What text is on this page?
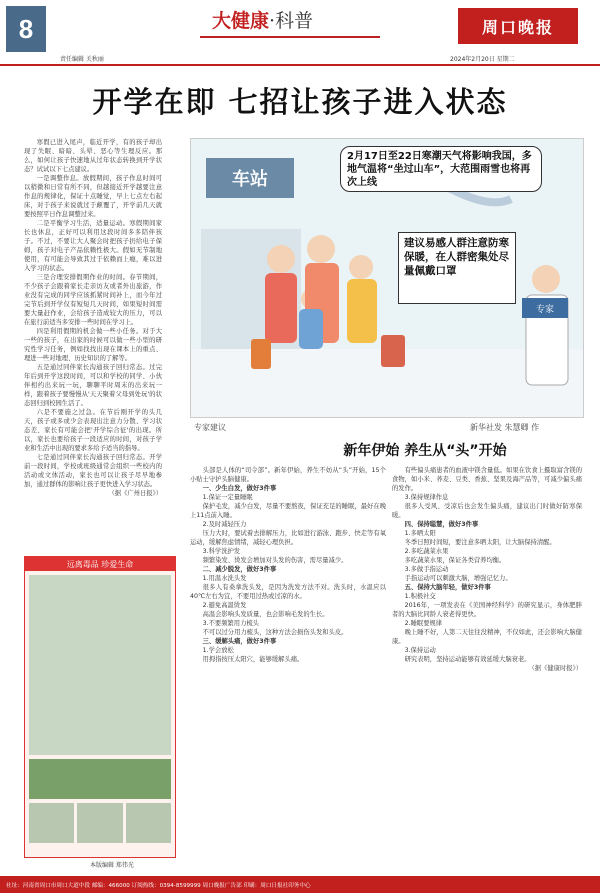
8
责任编辑 关秋丽
大健康·科普	周口晚报
2024年2月20日 星期二
开学在即 七招让孩子进入状态

寒假已进入尾声，临近开学，有的孩子却出现了失眠、暗暗、头晕、恶心等生理反应。那么，如何让孩子快速地从过年状态转换到开学状态？试试以下七点建议。

一是调整作息。放假期间，孩子作息时间可以稍微和日常有所不同，但越接近开学越要注意作息的规律化，保证十点睡觉，早上七点左右起床，对于孩子来说就过于颠覆了，开学前几天就要按照平日作息调整过来。

二是平衡学习生活，适量运动。寒假期间家长也休息，正好可以利用这段时间多多陪伴孩子。不过，不要让大人聚会时把孩子扔给电子保姆，孩子对电子产品依赖性极大。假如无节制地使用，有可能会导致其过于依赖而上瘾，难以进入学习的状态。

三是合理安排假期作业的时间。春节期间，不少孩子会跟着家长走亲访友或者外出旅游，作业没有完成的同学应该抓紧时间补上，而今年过完节后到开学仅有短短几天时间，如果短时间需要大量赶作业，会给孩子造成较大的压力，可以在旅行前适当多安排一些时间在学习上。

四是利用假期的机会做一些小任务。对于大一些的孩子，在出家的时候可以做一些小型的研究性学习任务，例如找找出现在课本上的重点、理进一些对地理、历史知识的了解等。

五是通过同伴家长沟通孩子回归常态。过完年后到开学这段时间，可以和学校的同学、小伙伴相约出来玩一玩，聊聊平时周末的出来玩一样，跟着孩子要慢慢从'天天聚着父母到处玩'的状态回归到校园生活了。

六是不要施之过急。在节后刚开学的头几天，孩子或多或少会表现出注意力分散、学习状态差、家长有可能会把'开学综合征'的出现。所以，家长也要给孩子一段适应的时间，对孩子学业和生活中出现的要求多给予适当的指导。

七是通过同伴家长沟通孩子回归常态。开学前一段时间，学校或班级通常会组织一些校内的活动或文体活动，家长也可以让孩子尽早地参加，通过群体的影响让孩子更快进入学习状态。

（据《广州日报》）

车站
2月17日至22日寒潮天气将影响我国，多地气温将“坐过山车”，大范围雨雪也将再次上线
建议易感人群注意防寒保暖，在人群密集处尽量佩戴口罩
专家
专家建议	新华社发 朱慧卿 作
新年伊始 养生从“头”开始

头部是人体的“司令部”。新年伊始，养生不妨从“头”开始，15个小贴士守护头脑健康。

一、少生白发，做好3件事

1.保证一定量睡眠

保护毛发，减少白发，尽量不要熬夜，保证充足的睡眠，最好在晚上11点前入睡。

2.及时减轻压力

压力大时，要试着去排解压力，比如进行游泳、跑步、快走等有氧运动，缓解焦虑情绪，减轻心理负担。

3.科学洗护发

频繁染发、烫发会增加对头发的伤害，需尽量减少。

二、减少脱发，做好3件事

1.用温水洗头发

很多人有桑拿洗头发，是因为洗发方法不对。洗头时，水温应以40℃左右为宜，不要用过热或过凉的水。

2.避免高温烫发

高温会影响头发质量，也会影响毛发的生长。

3.不要频繁用力梳头

不可以过分用力梳头，这种方法会损伤头发和头皮。

三、缓解头痛，做好3件事

1.学会放松

用拇指按压太阳穴，能够缓解头痛。

有些偏头痛患者的血液中镁含量低。如果在饮食上摄取富含镁的食物，如小米、荞麦、豆类、香蕉、坚果及海产品等，可减少偏头痛的发作。

3.保持规律作息

很多人受风、受凉后也会发生偏头痛，建议出门时做好防寒保暖。

四、保持聪慧，做好3件事

1.多晒太阳

冬季日照时间短，要注意多晒太阳，让大脑保持清醒。

2.多吃蔬菜水果

多吃蔬菜水果，保证各类营养均衡。

3.多做手指运动

手指运动可以刺激大脑，增强记忆力。

五、保持大脑年轻，做好3件事

1.积极社交

2016年，一项发表在《美国神经科学》的研究显示，身体肥胖者的大脑比同龄人衰老得更快。

2.睡眠要规律

晚上睡不好，人第二天往往没精神，不仅如此，还会影响大脑健康。

3.保持运动

研究表明，坚持运动能够有效延缓大脑衰老。

（据《健康时报》）

远离毒品 珍爱生命
本版编辑 郑伟光
社址：河南省周口市周口大道中段 邮编：466000 订阅热线：0394-8599999 周口晚报广告部 印刷：周口日报社印务中心
